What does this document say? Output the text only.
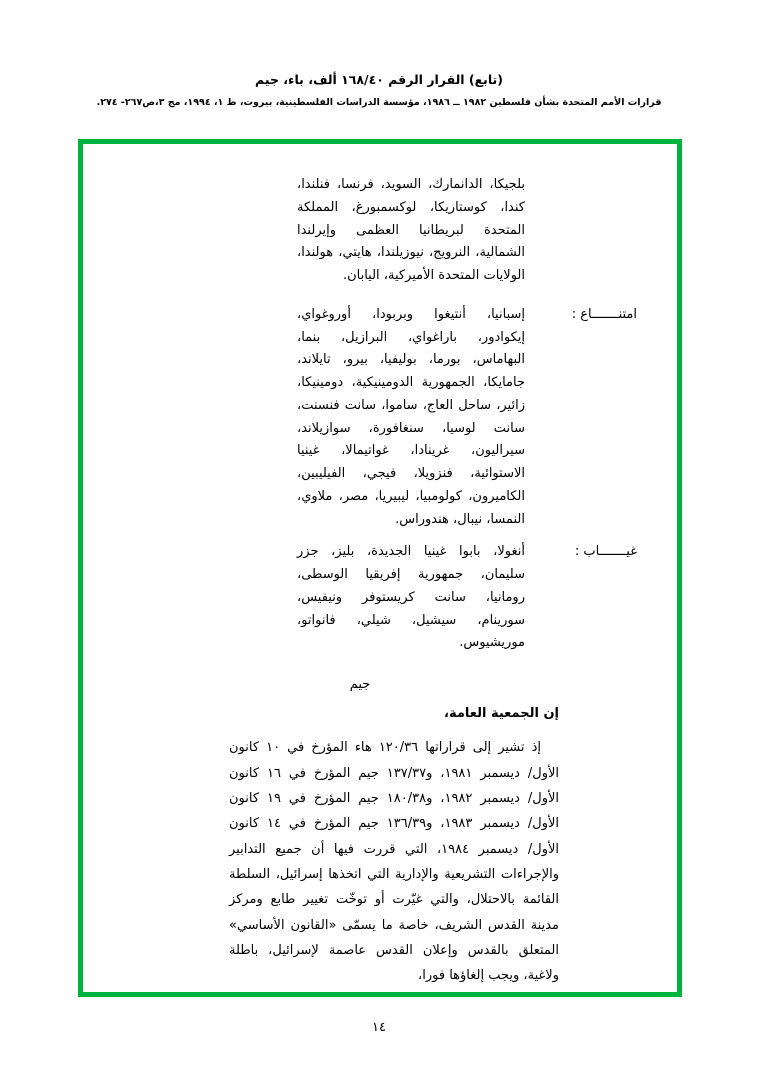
(تابع) القرار الرقم ١٦٨/٤٠ ألف، باء، جيم
قرارات الأمم المتحدة بشأن فلسطين ١٩٨٢ ــ ١٩٨٦، مؤسسة الدراسات الفلسطينية، بيروت، ط ١، ١٩٩٤، مج ٣،ص٢٦٧- ٢٧٤.
بلجيكا، الدانمارك، السويد، فرنسا، فنلندا، كندا، كوستاريكا، لوكسمبورغ، المملكة المتحدة لبريطانيا العظمى وإيرلندا الشمالية، النرويج، نيوزيلندا، هايتي، هولندا، الولايات المتحدة الأميركية، اليابان.
امتنـــــــاع :
إسبانيا، أنتيغوا وبربودا، أوروغواي، إيكوادور، باراغواي، البرازيل، بنما، البهاماس، بورما، بوليفيا، بيرو، تايلاند، جامايكا، الجمهورية الدومينيكية، دومينيكا، زائير، ساحل العاج، ساموا، سانت فنسنت، سانت لوسيا، سنغافورة، سوازيلاند، سيراليون، غرينادا، غواتيمالا، غينيا الاستوائية، فنزويلا، فيجي، الفيليبين، الكاميرون، كولومبيا، ليبيريا، مصر، ملاوي، النمسا، نيبال، هندوراس.
غيـــــــاب :
أنغولا، بابوا غينيا الجديدة، بليز، جزر سليمان، جمهورية إفريقيا الوسطى، رومانيا، سانت كريستوفر ونيفيس، سورينام، سيشيل، شيلي، فانواتو، موريشيوس.
جيم
إن الجمعية العامة،
إذ تشير إلى قراراتها ١٢٠/٣٦ هاء المؤرخ في ١٠ كانون الأول/ ديسمبر ١٩٨١، و١٣٧/٣٧ جيم المؤرخ في ١٦ كانون الأول/ ديسمبر ١٩٨٢، و١٨٠/٣٨ جيم المؤرخ في ١٩ كانون الأول/ ديسمبر ١٩٨٣، و١٣٦/٣٩ جيم المؤرخ في ١٤ كانون الأول/ ديسمبر ١٩٨٤، التي قررت فيها أن جميع التدابير والإجراءات التشريعية والإدارية التي اتخذها إسرائيل، السلطة القائمة بالاحتلال، والتي غيّرت أو توخّت تغيير طابع ومركز مدينة القدس الشريف، خاصة ما يسمّى «القانون الأساسي» المتعلق بالقدس وإعلان القدس عاصمة لإسرائيل، باطلة ولاغية، ويجب إلغاؤها فورا،
١٤
